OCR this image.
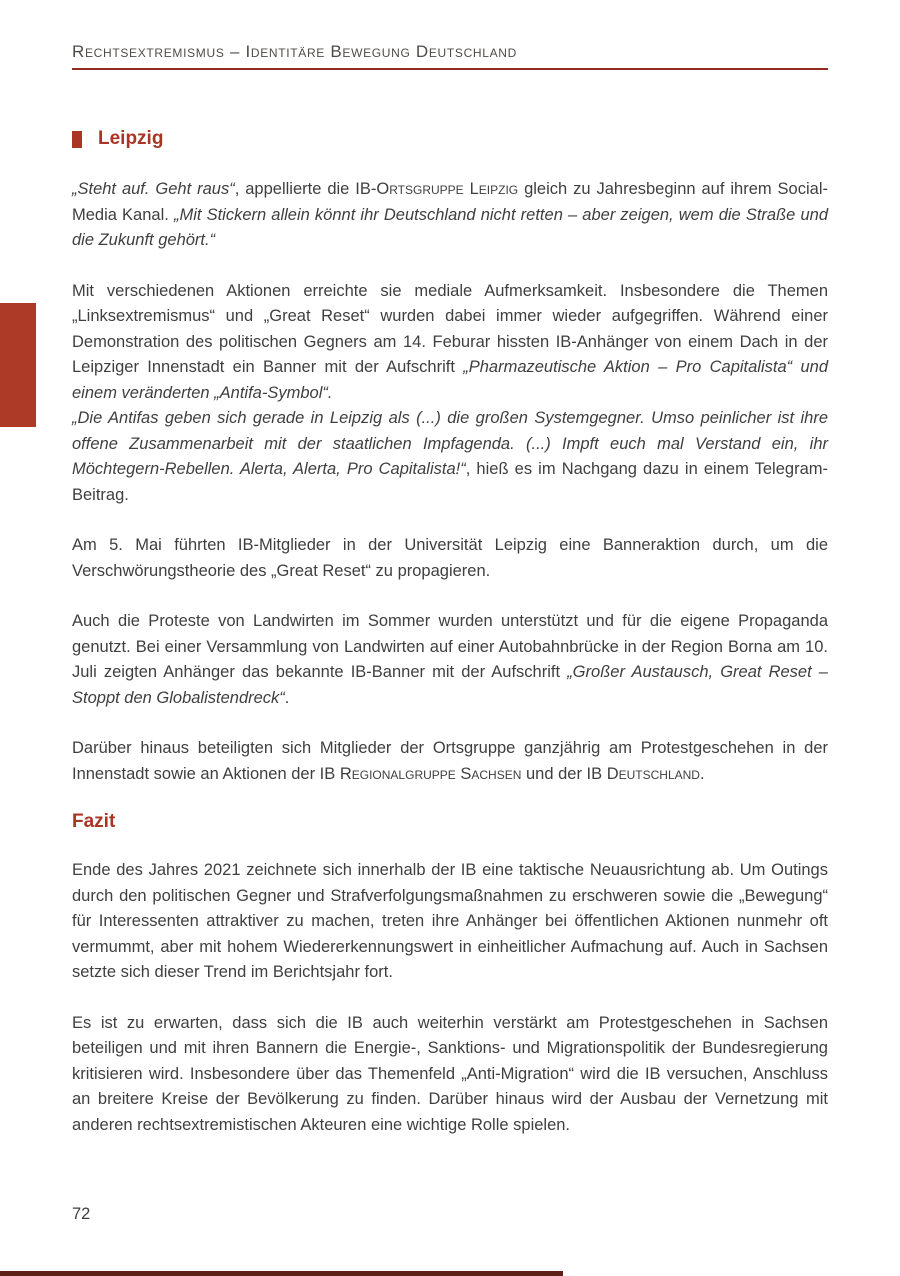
Rechtsextremismus – Identitäre Bewegung Deutschland
Leipzig

„Steht auf. Geht raus“, appellierte die IB-Ortsgruppe Leipzig gleich zu Jahresbeginn auf ihrem Social-Media Kanal. „Mit Stickern allein könnt ihr Deutschland nicht retten – aber zeigen, wem die Straße und die Zukunft gehört.“

Mit verschiedenen Aktionen erreichte sie mediale Aufmerksamkeit. Insbesondere die Themen „Linksextremismus“ und „Great Reset“ wurden dabei immer wieder aufgegriffen. Während einer Demonstration des politischen Gegners am 14. Feburar hissten IB-Anhänger von einem Dach in der Leipziger Innenstadt ein Banner mit der Aufschrift „Pharmazeutische Aktion – Pro Capitalista“ und einem veränderten „Antifa-Symbol“.

„Die Antifas geben sich gerade in Leipzig als (...) die großen Systemgegner. Umso peinlicher ist ihre offene Zusammenarbeit mit der staatlichen Impfagenda. (...) Impft euch mal Verstand ein, ihr Möchtegern-Rebellen. Alerta, Alerta, Pro Capitalista!“, hieß es im Nachgang dazu in einem Telegram-Beitrag.

Am 5. Mai führten IB-Mitglieder in der Universität Leipzig eine Banneraktion durch, um die Verschwörungstheorie des „Great Reset“ zu propagieren.

Auch die Proteste von Landwirten im Sommer wurden unterstützt und für die eigene Propaganda genutzt. Bei einer Versammlung von Landwirten auf einer Autobahnbrücke in der Region Borna am 10. Juli zeigten Anhänger das bekannte IB-Banner mit der Aufschrift „Großer Austausch, Great Reset – Stoppt den Globalistendreck“.

Darüber hinaus beteiligten sich Mitglieder der Ortsgruppe ganzjährig am Protestgeschehen in der Innenstadt sowie an Aktionen der IB Regionalgruppe Sachsen und der IB Deutschland.

Fazit

Ende des Jahres 2021 zeichnete sich innerhalb der IB eine taktische Neuausrichtung ab. Um Outings durch den politischen Gegner und Strafverfolgungsmaßnahmen zu erschweren sowie die „Bewegung“ für Interessenten attraktiver zu machen, treten ihre Anhänger bei öffentlichen Aktionen nunmehr oft vermummt, aber mit hohem Wiedererkennungswert in einheitlicher Aufmachung auf. Auch in Sachsen setzte sich dieser Trend im Berichtsjahr fort.

Es ist zu erwarten, dass sich die IB auch weiterhin verstärkt am Protestgeschehen in Sachsen beteiligen und mit ihren Bannern die Energie-, Sanktions- und Migrationspolitik der Bundesregierung kritisieren wird. Insbesondere über das Themenfeld „Anti-Migration“ wird die IB versuchen, Anschluss an breitere Kreise der Bevölkerung zu finden. Darüber hinaus wird der Ausbau der Vernetzung mit anderen rechtsextremistischen Akteuren eine wichtige Rolle spielen.

72
